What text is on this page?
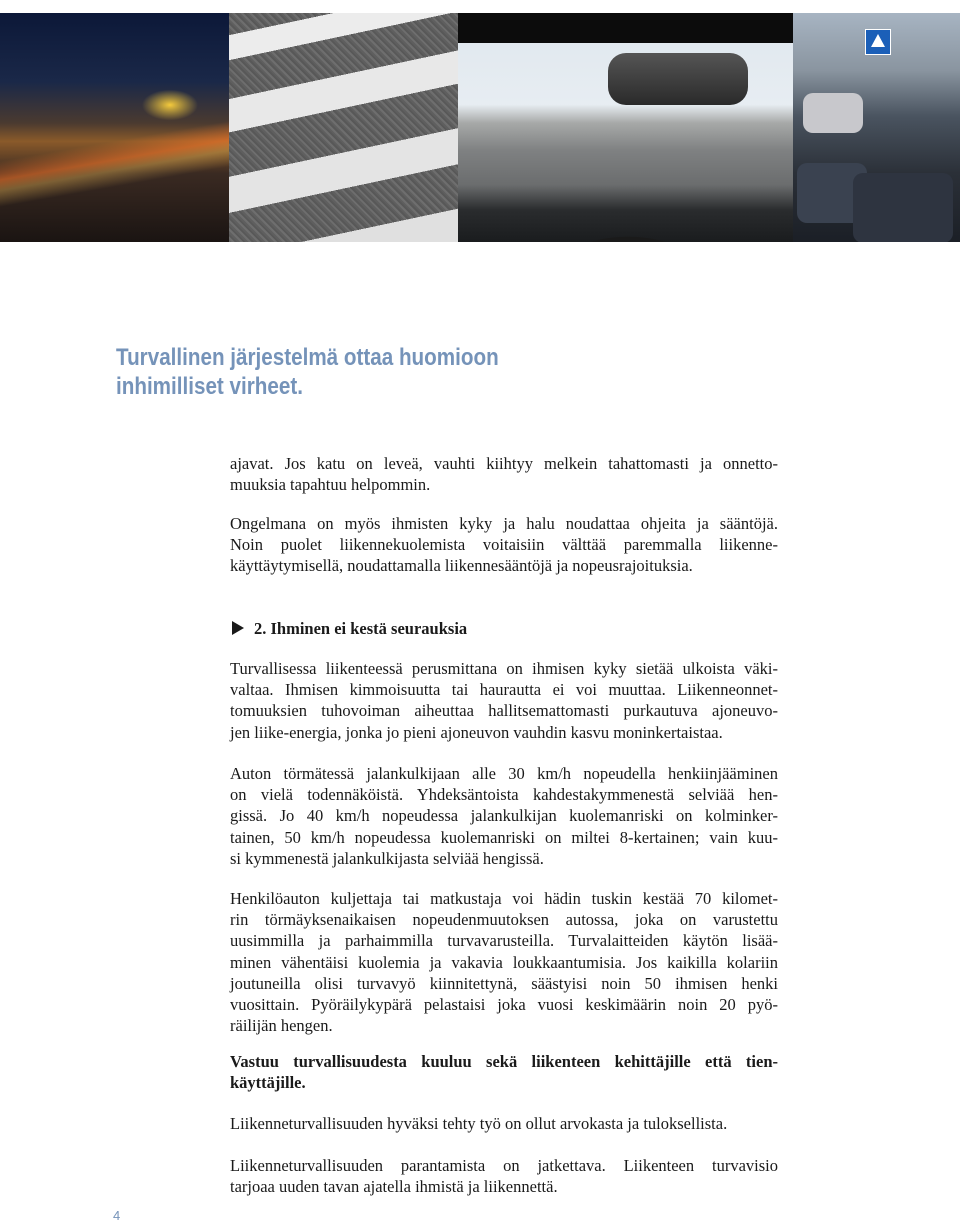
Turvallinen järjestelmä ottaa huomioon
inhimilliset virheet.
ajavat. Jos katu on leveä, vauhti kiihtyy melkein tahattomasti ja onnetto-
muuksia tapahtuu helpommin.
Ongelmana on myös ihmisten kyky ja halu noudattaa ohjeita ja sääntöjä.
Noin puolet liikennekuolemista voitaisiin välttää paremmalla liikenne-
käyttäytymisellä, noudattamalla liikennesääntöjä ja nopeusrajoituksia.
2. Ihminen ei kestä seurauksia
Turvallisessa liikenteessä perusmittana on ihmisen kyky sietää ulkoista väki-
valtaa. Ihmisen kimmoisuutta tai haurautta ei voi muuttaa. Liikenneonnet-
tomuuksien tuhovoiman aiheuttaa hallitsemattomasti purkautuva ajoneuvo-
jen liike-energia, jonka jo pieni ajoneuvon vauhdin kasvu moninkertaistaa.
Auton törmätessä jalankulkijaan alle 30 km/h nopeudella henkiinjääminen
on vielä todennäköistä. Yhdeksäntoista kahdestakymmenestä selviää hen-
gissä. Jo 40 km/h nopeudessa jalankulkijan kuolemanriski on kolminker-
tainen, 50 km/h nopeudessa kuolemanriski on miltei 8-kertainen; vain kuu-
si kymmenestä jalankulkijasta selviää hengissä.
Henkilöauton kuljettaja tai matkustaja voi hädin tuskin kestää 70 kilomet-
rin törmäyksenaikaisen nopeudenmuutoksen autossa, joka on varustettu
uusimmilla ja parhaimmilla turvavarusteilla. Turvalaitteiden käytön lisää-
minen vähentäisi kuolemia ja vakavia loukkaantumisia. Jos kaikilla kolariin
joutuneilla olisi turvavyö kiinnitettynä, säästyisi noin 50 ihmisen henki
vuosittain. Pyöräilykypärä pelastaisi joka vuosi keskimäärin noin 20 pyö-
räilijän hengen.
Vastuu turvallisuudesta kuuluu sekä liikenteen kehittäjille että tien-
käyttäjille.
Liikenneturvallisuuden hyväksi tehty työ on ollut arvokasta ja tuloksellista.
Liikenneturvallisuuden parantamista on jatkettava. Liikenteen turvavisio
tarjoaa uuden tavan ajatella ihmistä ja liikennettä.
4
